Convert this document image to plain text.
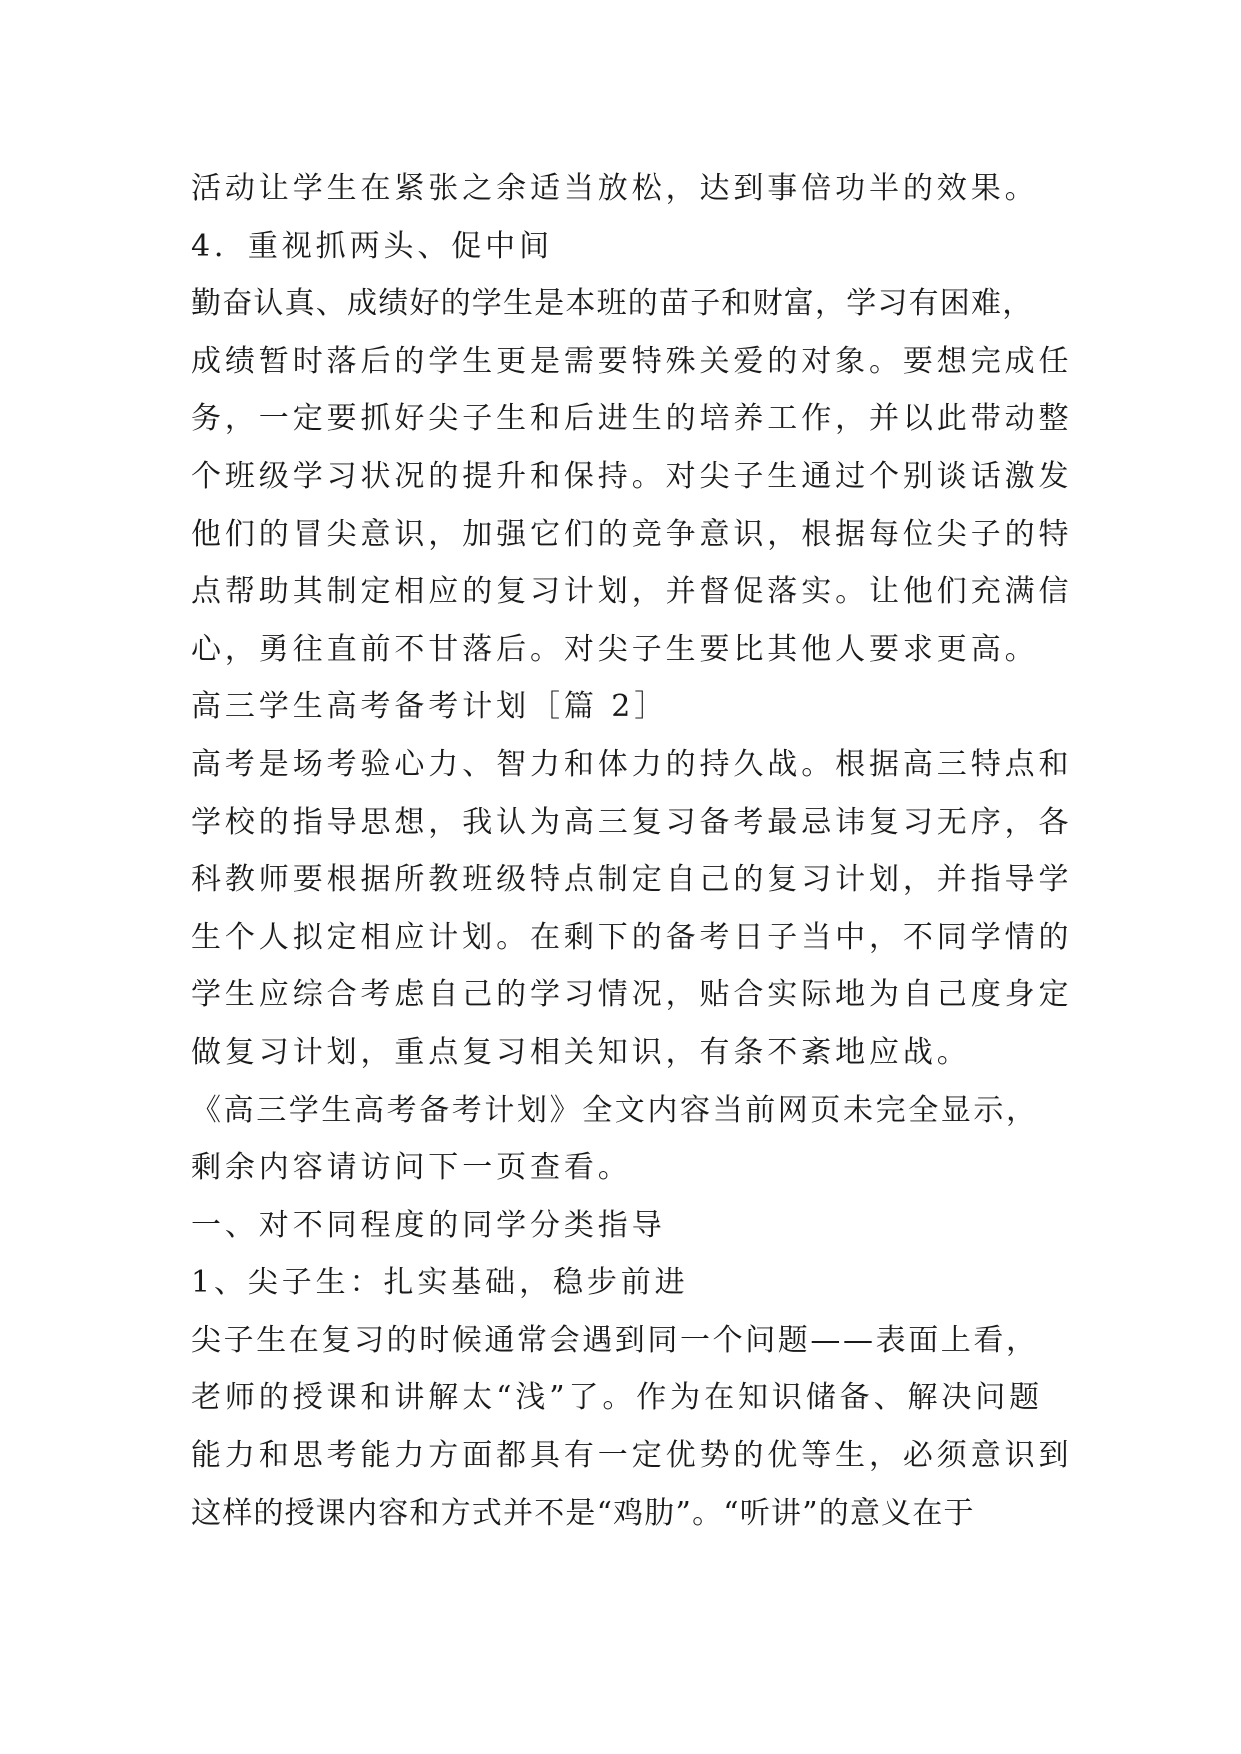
活动让学生在紧张之余适当放松，达到事倍功半的效果。
4．重视抓两头、促中间
勤奋认真、成绩好的学生是本班的苗子和财富，学习有困难，
成绩暂时落后的学生更是需要特殊关爱的对象。要想完成任
务，一定要抓好尖子生和后进生的培养工作，并以此带动整
个班级学习状况的提升和保持。对尖子生通过个别谈话激发
他们的冒尖意识，加强它们的竞争意识，根据每位尖子的特
点帮助其制定相应的复习计划，并督促落实。让他们充满信
心，勇往直前不甘落后。对尖子生要比其他人要求更高。
高三学生高考备考计划［篇 2］
高考是场考验心力、智力和体力的持久战。根据高三特点和
学校的指导思想，我认为高三复习备考最忌讳复习无序，各
科教师要根据所教班级特点制定自己的复习计划，并指导学
生个人拟定相应计划。在剩下的备考日子当中，不同学情的
学生应综合考虑自己的学习情况，贴合实际地为自己度身定
做复习计划，重点复习相关知识，有条不紊地应战。
《高三学生高考备考计划》全文内容当前网页未完全显示，
剩余内容请访问下一页查看。
一、对不同程度的同学分类指导
1、尖子生：扎实基础，稳步前进
尖子生在复习的时候通常会遇到同一个问题——表面上看，
老师的授课和讲解太“浅”了。作为在知识储备、解决问题
能力和思考能力方面都具有一定优势的优等生，必须意识到
这样的授课内容和方式并不是“鸡肋”。“听讲”的意义在于
